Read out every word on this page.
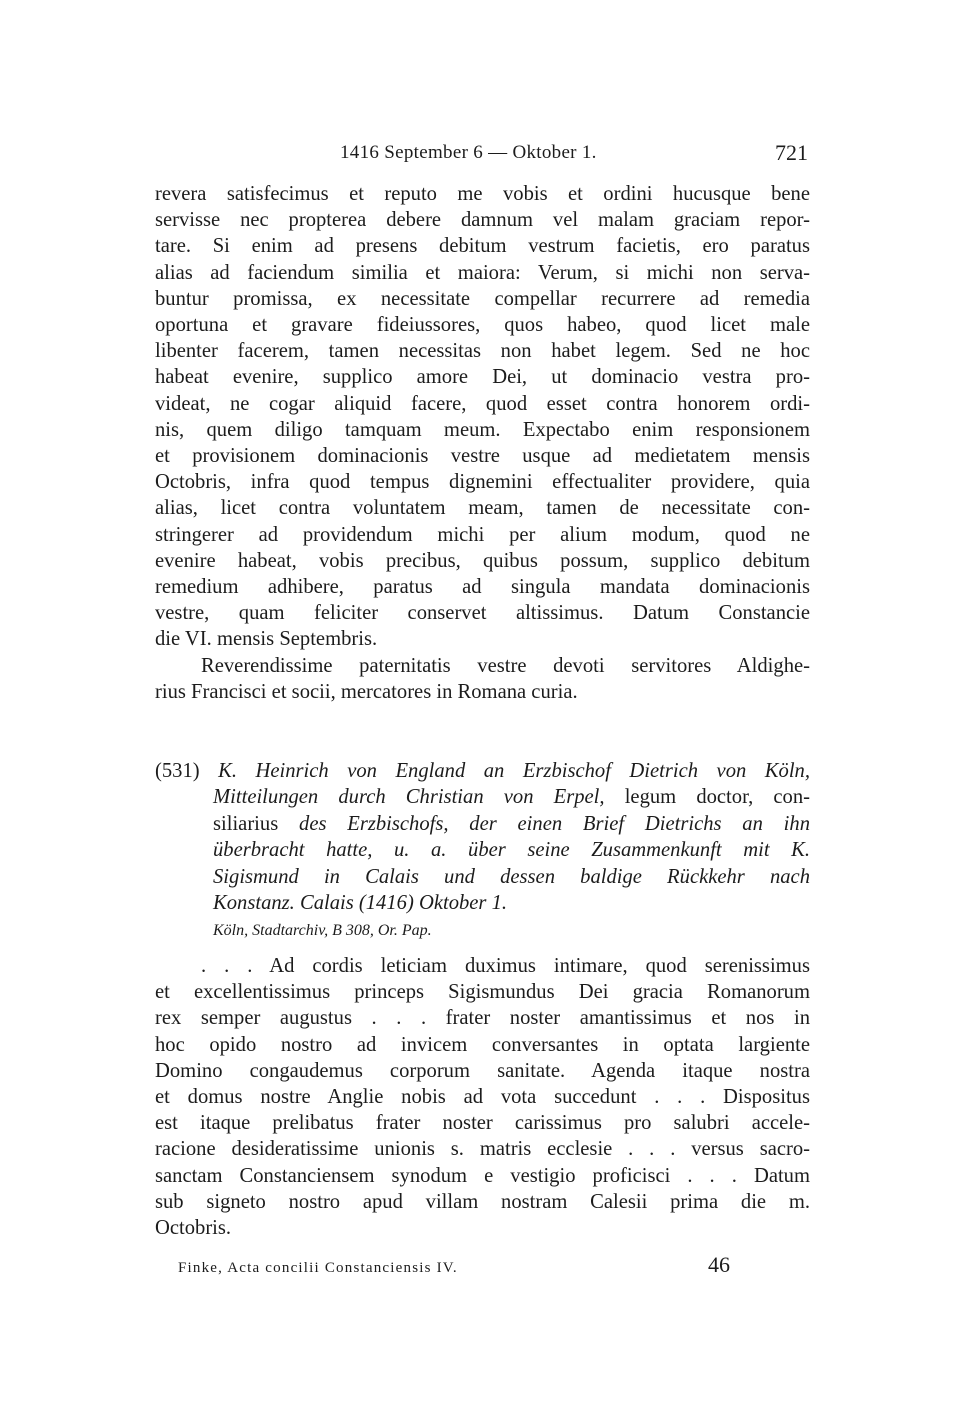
1416 September 6 — Oktober 1.	721
revera satisfecimus et reputo me vobis et ordini hucusque bene
servisse nec propterea debere damnum vel malam graciam repor-
tare. Si enim ad presens debitum vestrum facietis, ero paratus
alias ad faciendum similia et maiora: Verum, si michi non serva-
buntur promissa, ex necessitate compellar recurrere ad remedia
oportuna et gravare fideiussores, quos habeo, quod licet male
libenter facerem, tamen necessitas non habet legem. Sed ne hoc
habeat evenire, supplico amore Dei, ut dominacio vestra pro-
videat, ne cogar aliquid facere, quod esset contra honorem ordi-
nis, quem diligo tamquam meum. Expectabo enim responsionem
et provisionem dominacionis vestre usque ad medietatem mensis
Octobris, infra quod tempus dignemini effectualiter providere, quia
alias, licet contra voluntatem meam, tamen de necessitate con-
stringerer ad providendum michi per alium modum, quod ne
evenire habeat, vobis precibus, quibus possum, supplico debitum
remedium adhibere, paratus ad singula mandata dominacionis
vestre, quam feliciter conservet altissimus. Datum Constancie
die VI. mensis Septembris.
Reverendissime paternitatis vestre devoti servitores Aldighe-
rius Francisci et socii, mercatores in Romana curia.
(531) K. Heinrich von England an Erzbischof Dietrich von Köln,
Mitteilungen durch Christian von Erpel, legum doctor, con-
siliarius des Erzbischofs, der einen Brief Dietrichs an ihn
überbracht hatte, u. a. über seine Zusammenkunft mit K.
Sigismund in Calais und dessen baldige Rückkehr nach
Konstanz. Calais (1416) Oktober 1.
Köln, Stadtarchiv, B 308, Or. Pap.
. . . Ad cordis leticiam duximus intimare, quod serenissimus
et excellentissimus princeps Sigismundus Dei gracia Romanorum
rex semper augustus . . . frater noster amantissimus et nos in
hoc opido nostro ad invicem conversantes in optata largiente
Domino congaudemus corporum sanitate. Agenda itaque nostra
et domus nostre Anglie nobis ad vota succedunt . . . Dispositus
est itaque prelibatus frater noster carissimus pro salubri accele-
racione desideratissime unionis s. matris ecclesie . . . versus sacro-
sanctam Constanciensem synodum e vestigio proficisci . . . Datum
sub signeto nostro apud villam nostram Calesii prima die m.
Octobris.
Finke, Acta concilii Constanciensis IV.	46
